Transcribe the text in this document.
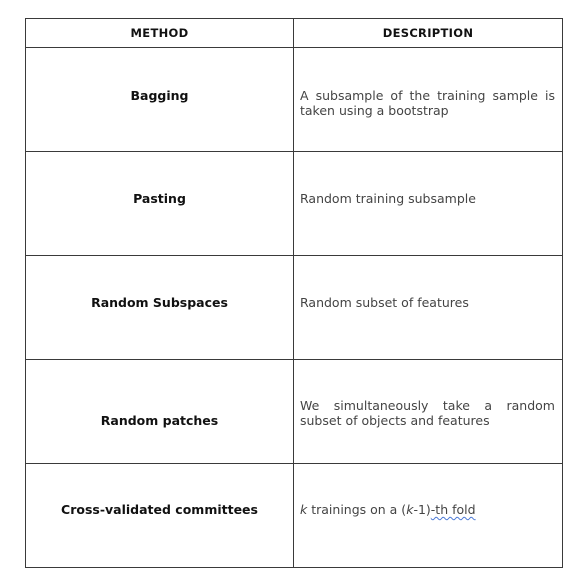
METHOD	DESCRIPTION
Bagging	A subsample of the training sample is taken using a bootstrap
Pasting	Random training subsample
Random Subspaces	Random subset of features
Random patches	We simultaneously take a random subset of objects and features
Cross-validated committees	k trainings on a (k-1)-th fold
